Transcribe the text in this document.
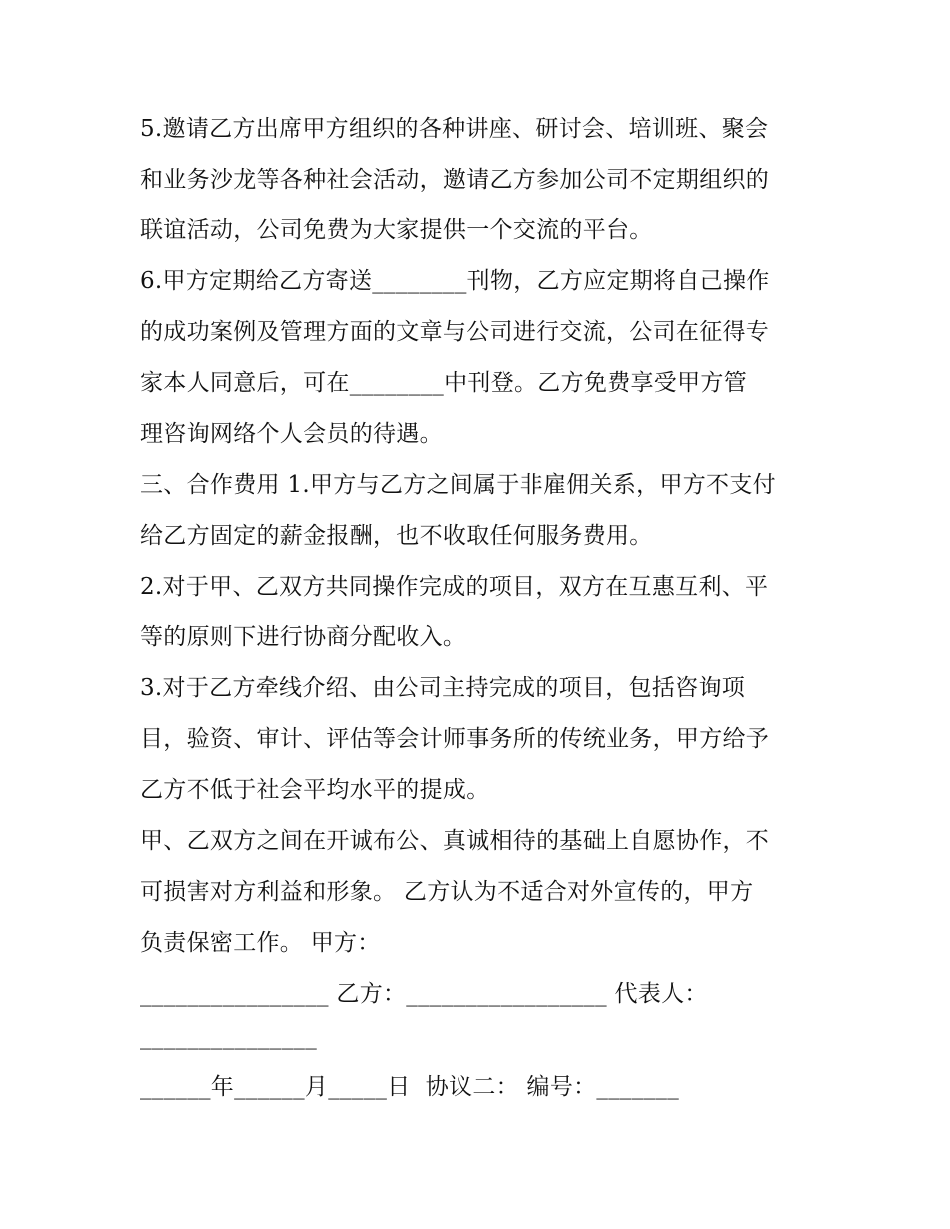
5.邀请乙方出席甲方组织的各种讲座、研讨会、培训班、聚会
和业务沙龙等各种社会活动，邀请乙方参加公司不定期组织的
联谊活动，公司免费为大家提供一个交流的平台。
6.甲方定期给乙方寄送________刊物，乙方应定期将自己操作
的成功案例及管理方面的文章与公司进行交流，公司在征得专
家本人同意后，可在________中刊登。乙方免费享受甲方管
理咨询网络个人会员的待遇。
三、合作费用 1.甲方与乙方之间属于非雇佣关系，甲方不支付
给乙方固定的薪金报酬，也不收取任何服务费用。
2.对于甲、乙双方共同操作完成的项目，双方在互惠互利、平
等的原则下进行协商分配收入。
3.对于乙方牵线介绍、由公司主持完成的项目，包括咨询项
目，验资、审计、评估等会计师事务所的传统业务，甲方给予
乙方不低于社会平均水平的提成。
甲、乙双方之间在开诚布公、真诚相待的基础上自愿协作，不
可损害对方利益和形象。 乙方认为不适合对外宣传的，甲方
负责保密工作。 甲方：
________________ 乙方：_________________ 代表人：
_______________
______年______月_____日  协议二： 编号：_______
